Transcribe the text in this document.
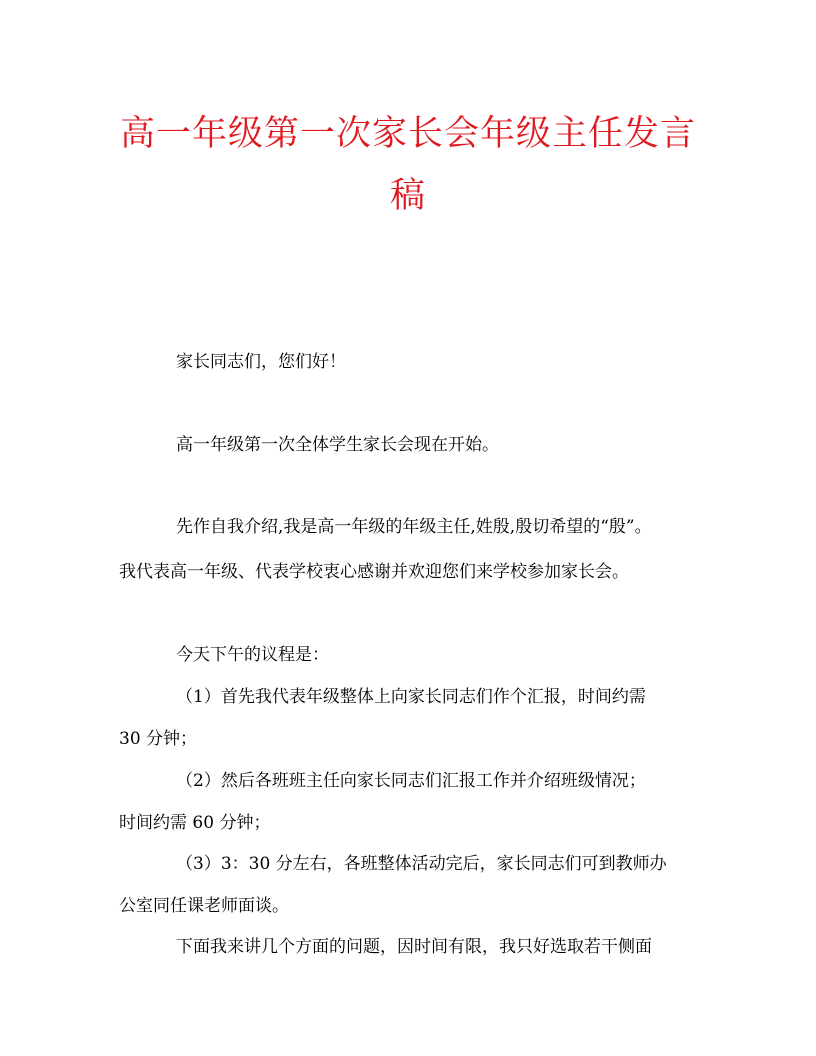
高一年级第一次家长会年级主任发言
稿
家长同志们，您们好！
高一年级第一次全体学生家长会现在开始。
先作自我介绍,我是高一年级的年级主任,姓殷,殷切希望的“殷”。
我代表高一年级、代表学校衷心感谢并欢迎您们来学校参加家长会。
今天下午的议程是：
（1）首先我代表年级整体上向家长同志们作个汇报，时间约需
30 分钟；
（2）然后各班班主任向家长同志们汇报工作并介绍班级情况；
时间约需 60 分钟；
（3）3：30 分左右，各班整体活动完后，家长同志们可到教师办
公室同任课老师面谈。
下面我来讲几个方面的问题，因时间有限，我只好选取若干侧面
